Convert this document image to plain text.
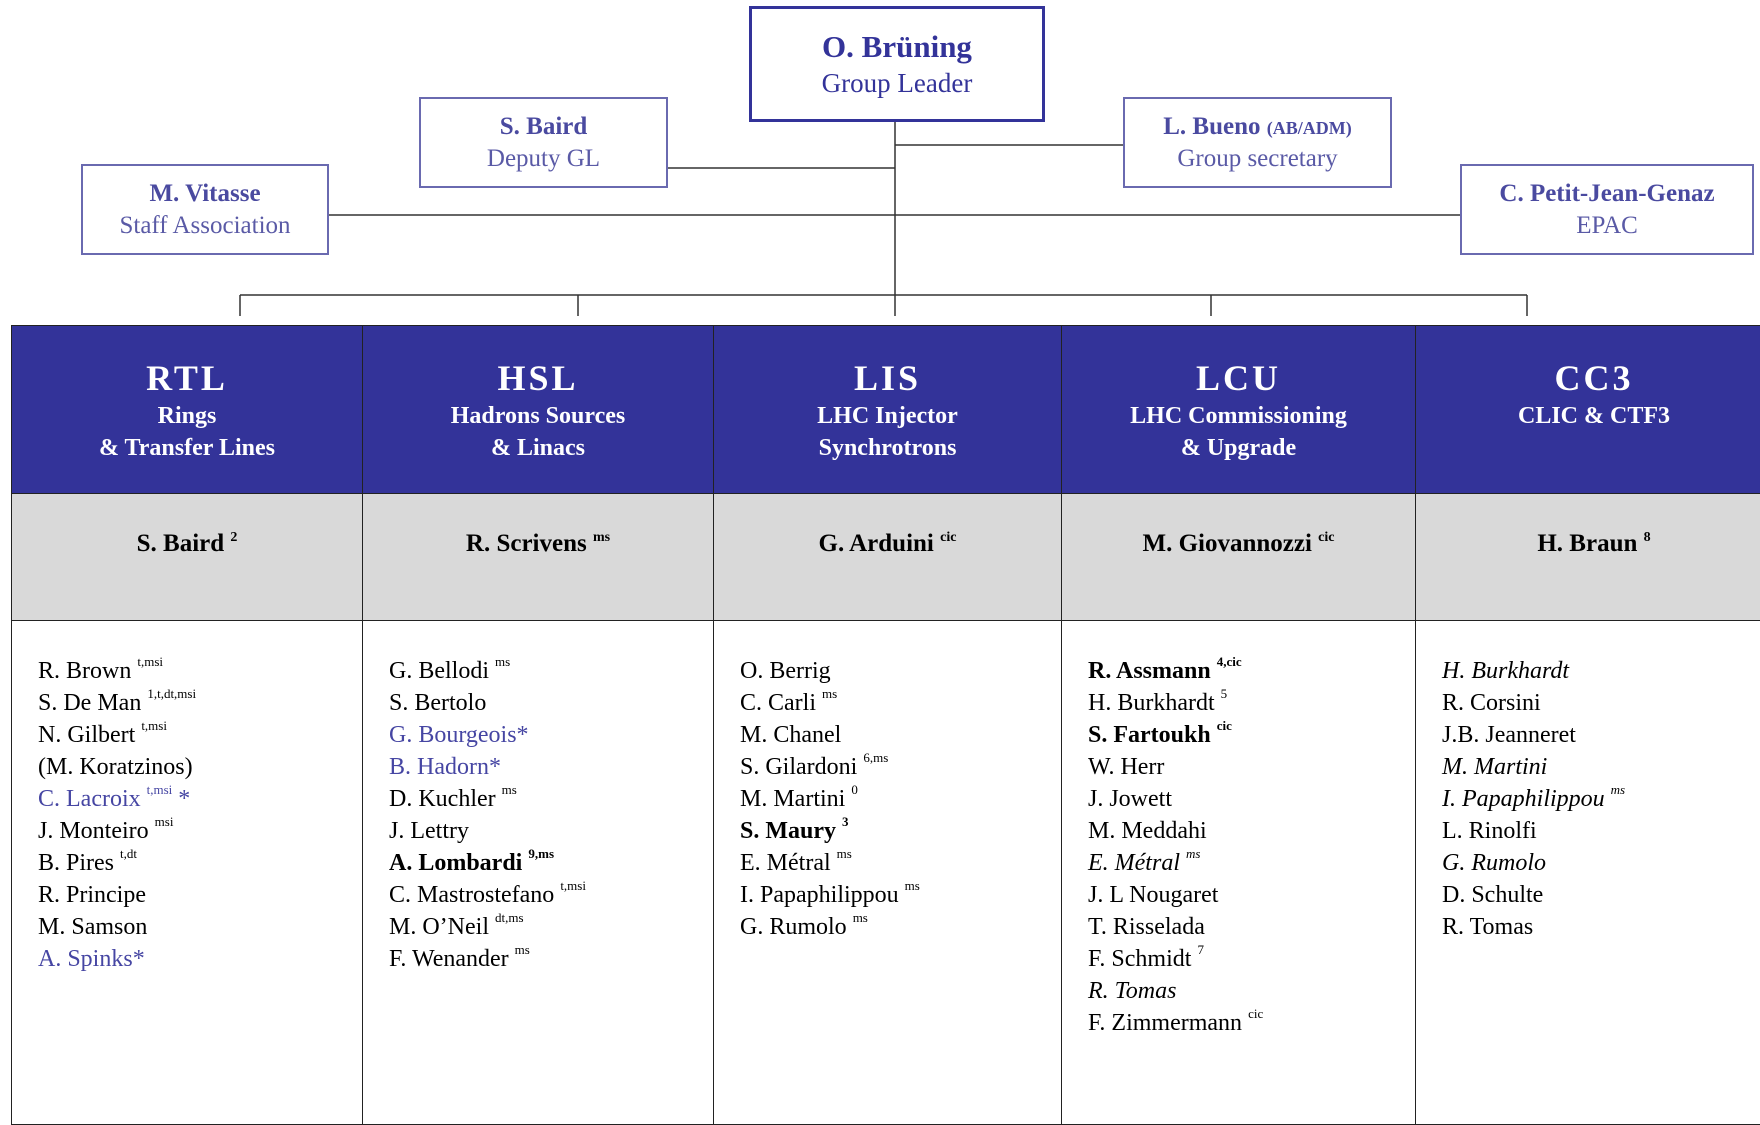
O. Brüning
Group Leader
S. Baird
Deputy GL
L. Bueno (AB/ADM)
Group secretary
M. Vitasse
Staff Association
C. Petit-Jean-Genaz
EPAC
RTL
Rings
& Transfer Lines
S. Baird $^2$
R. Brown $^{t,msi}$
S. De Man $^{1,t,dt,msi}$
N. Gilbert $^{t,msi}$
(M. Koratzinos)
C. Lacroix $^{t,msi}$ *
J. Monteiro $^{msi}$
B. Pires $^{t,dt}$
R. Principe
M. Samson
A. Spinks*
HSL
Hadrons Sources
& Linacs
R. Scrivens $^{ms}$
G. Bellodi $^{ms}$
S. Bertolo
G. Bourgeois*
B. Hadorn*
D. Kuchler $^{ms}$
J. Lettry
A. Lombardi $^{9,ms}$
C. Mastrostefano $^{t,msi}$
M. O’Neil $^{dt,ms}$
F. Wenander $^{ms}$
LIS
LHC Injector
Synchrotrons
G. Arduini $^{cic}$
O. Berrig
C. Carli $^{ms}$
M. Chanel
S. Gilardoni $^{6,ms}$
M. Martini $^0$
S. Maury $^3$
E. Métral $^{ms}$
I. Papaphilippou $^{ms}$
G. Rumolo $^{ms}$
LCU
LHC Commissioning
& Upgrade
M. Giovannozzi $^{cic}$
R. Assmann $^{4,cic}$
H. Burkhardt $^5$
S. Fartoukh $^{cic}$
W. Herr
J. Jowett
M. Meddahi
E. Métral $^{ms}$
J. L Nougaret
T. Risselada
F. Schmidt $^7$
R. Tomas
F. Zimmermann $^{cic}$
CC3
CLIC & CTF3

H. Braun $^8$
H. Burkhardt
R. Corsini
J.B. Jeanneret
M. Martini
I. Papaphilippou $^{ms}$
L. Rinolfi
G. Rumolo
D. Schulte
R. Tomas
